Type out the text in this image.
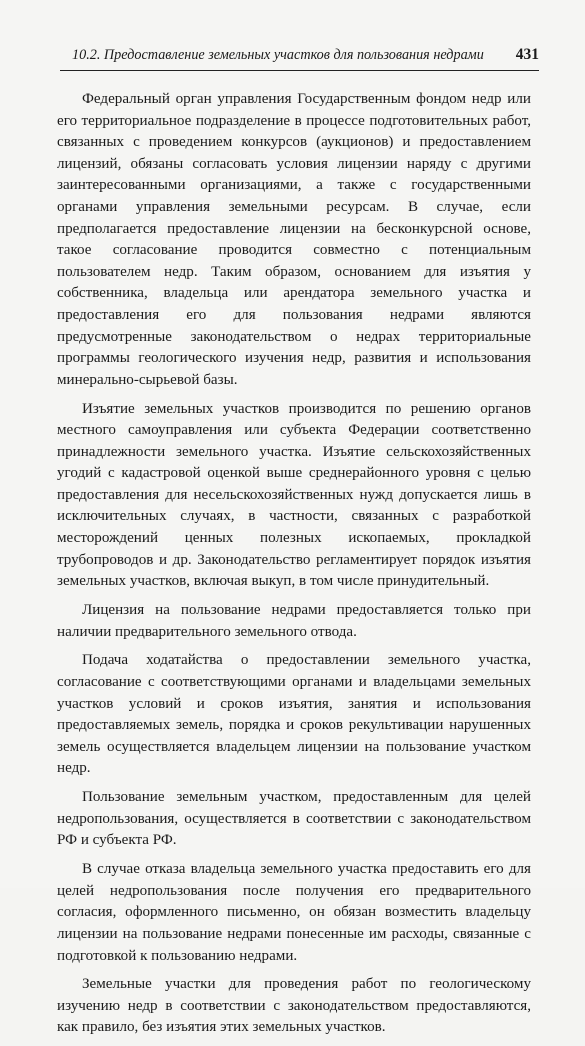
10.2. Предоставление земельных участков для пользования недрами 431

Федеральный орган управления Государственным фондом недр или его территориальное подразделение в процессе подготовительных работ, связанных с проведением конкурсов (аукционов) и предоставлением лицензий, обязаны согласовать условия лицензии наряду с другими заинтересованными организациями, а также с государственными органами управления земельными ресурсам. В случае, если предполагается предоставление лицензии на бесконкурсной основе, такое согласование проводится совместно с потенциальным пользователем недр. Таким образом, основанием для изъятия у собственника, владельца или арендатора земельного участка и предоставления его для пользования недрами являются предусмотренные законодательством о недрах территориальные программы геологического изучения недр, развития и использования минерально-сырьевой базы.

Изъятие земельных участков производится по решению органов местного самоуправления или субъекта Федерации соответственно принадлежности земельного участка. Изъятие сельскохозяйственных угодий с кадастровой оценкой выше среднерайонного уровня с целью предоставления для несельскохозяйственных нужд допускается лишь в исключительных случаях, в частности, связанных с разработкой месторождений ценных полезных ископаемых, прокладкой трубопроводов и др. Законодательство регламентирует порядок изъятия земельных участков, включая выкуп, в том числе принудительный.

Лицензия на пользование недрами предоставляется только при наличии предварительного земельного отвода.

Подача ходатайства о предоставлении земельного участка, согласование с соответствующими органами и владельцами земельных участков условий и сроков изъятия, занятия и использования предоставляемых земель, порядка и сроков рекультивации нарушенных земель осуществляется владельцем лицензии на пользование участком недр.

Пользование земельным участком, предоставленным для целей недропользования, осуществляется в соответствии с законодательством РФ и субъекта РФ.

В случае отказа владельца земельного участка предоставить его для целей недропользования после получения его предварительного согласия, оформленного письменно, он обязан возместить владельцу лицензии на пользование недрами понесенные им расходы, связанные с подготовкой к пользованию недрами.

Земельные участки для проведения работ по геологическому изучению недр в соответствии с законодательством предоставляются, как правило, без изъятия этих земельных участков.
